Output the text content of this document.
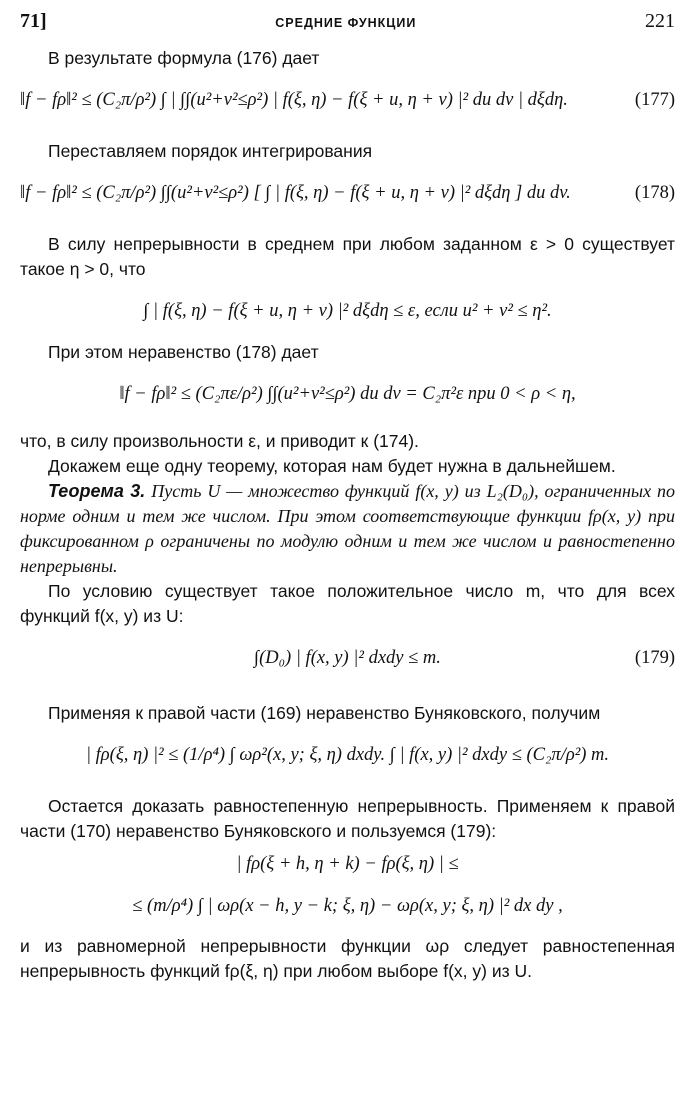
71]	СРЕДНИЕ ФУНКЦИИ	221

В результате формула (176) дает

‖f − fρ‖² ≤ (C₂π/ρ²) ∫ | ∫∫(u²+v²≤ρ²) | f(ξ, η) − f(ξ + u, η + v) |² du dv | dξdη.	(177)

Переставляем порядок интегрирования

‖f − fρ‖² ≤ (C₂π/ρ²) ∫∫(u²+v²≤ρ²) [ ∫ | f(ξ, η) − f(ξ + u, η + v) |² dξdη ] du dv.	(178)

В силу непрерывности в среднем при любом заданном ε > 0 существует такое η > 0, что

∫ | f(ξ, η) − f(ξ + u, η + v) |² dξdη ≤ ε, если u² + v² ≤ η².

При этом неравенство (178) дает

‖f − fρ‖² ≤ (C₂πε/ρ²) ∫∫(u²+v²≤ρ²) du dv = C₂π²ε при 0 < ρ < η,

что, в силу произвольности ε, и приводит к (174).

Докажем еще одну теорему, которая нам будет нужна в дальнейшем.

Теорема 3. Пусть U — множество функций f(x, y) из L₂(D₀), ограниченных по норме одним и тем же числом. При этом соответствующие функции fρ(x, y) при фиксированном ρ ограничены по модулю одним и тем же числом и равностепенно непрерывны.

По условию существует такое положительное число m, что для всех функций f(x, y) из U:

∫(D₀) | f(x, y) |² dxdy ≤ m.	(179)

Применяя к правой части (169) неравенство Буняковского, получим

| fρ(ξ, η) |² ≤ (1/ρ⁴) ∫ ωρ²(x, y; ξ, η) dxdy. ∫ | f(x, y) |² dxdy ≤ (C₂π/ρ²) m.

Остается доказать равностепенную непрерывность. Применяем к правой части (170) неравенство Буняковского и пользуемся (179):

| fρ(ξ + h, η + k) − fρ(ξ, η) | ≤
≤ (m/ρ⁴) ∫ | ωρ(x − h, y − k; ξ, η) − ωρ(x, y; ξ, η) |² dx dy ,

и из равномерной непрерывности функции ωρ следует равностепенная непрерывность функций fρ(ξ, η) при любом выборе f(x, y) из U.
